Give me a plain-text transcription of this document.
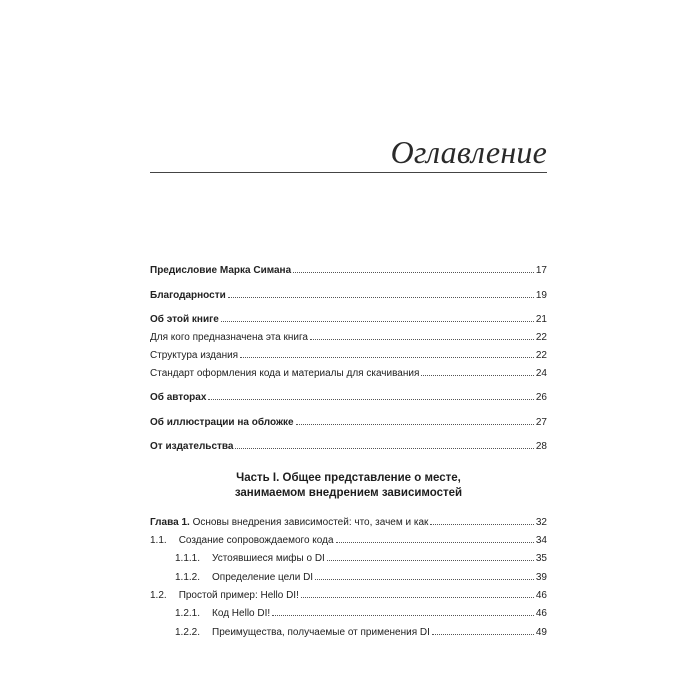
Оглавление
Предисловие Марка Симана	17
Благодарности	19
Об этой книге	21
Для кого предназначена эта книга	22
Структура издания	22
Стандарт оформления кода и материалы для скачивания	24
Об авторах	26
Об иллюстрации на обложке	27
От издательства	28
Часть I. Общее представление о месте,
занимаемом внедрением зависимостей
Глава 1. Основы внедрения зависимостей: что, зачем и как	32
1.1. Создание сопровождаемого кода	34
1.1.1. Устоявшиеся мифы о DI	35
1.1.2. Определение цели DI	39
1.2. Простой пример: Hello DI!	46
1.2.1. Код Hello DI!	46
1.2.2. Преимущества, получаемые от применения DI	49
